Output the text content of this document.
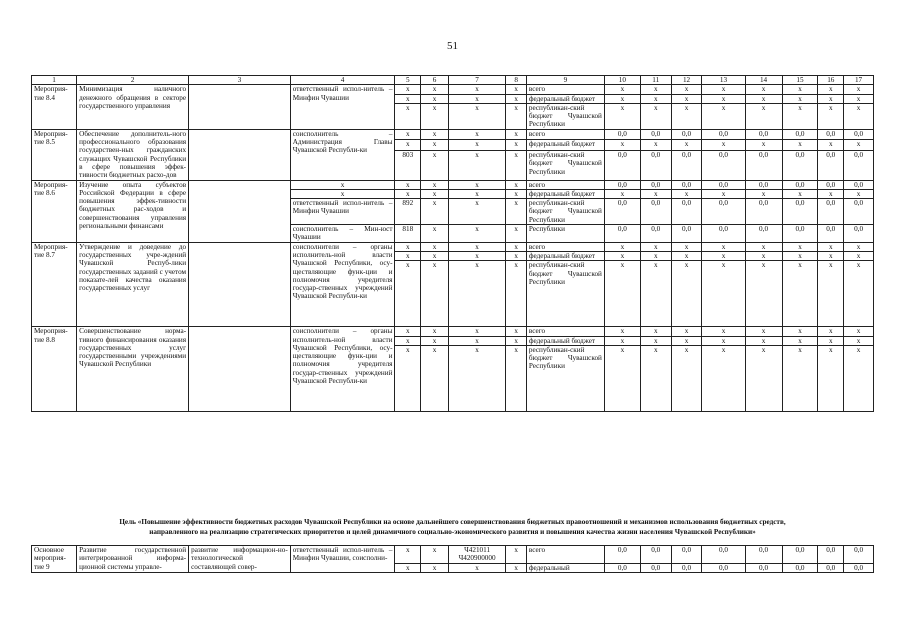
51
1	2	3	4	5	6	7	8	9	10	11	12	13	14	15	16	17
Мероприя-тие 8.4	Минимизация наличного денежного обращения в секторе государственного управления		ответственный испол-нитель – Минфин Чувашии	x	x	x	x	всего	x	x	x	x	x	x	x	x
				x	x	x	x	федеральный бюджет	x	x	x	x	x	x	x	x
				x	x	x	x	республикан-ский бюджет Чувашской Республики	x	x	x	x	x	x	x	x
Мероприя-тие 8.5	Обеспечение дополнитель-ного профессионального образования государствен-ных гражданских служащих Чувашской Республики в сфере повышения эффек-тивности бюджетных расхо-дов		соисполнитель – Администрация Главы Чувашской Республи-ки	x	x	x	x	всего	0,0	0,0	0,0	0,0	0,0	0,0	0,0	0,0
				x	x	x	x	федеральный бюджет	x	x	x	x	x	x	x	x
				803	x	x	x	республикан-ский бюджет Чувашской Республики	0,0	0,0	0,0	0,0	0,0	0,0	0,0	0,0
Мероприя-тие 8.6	Изучение опыта субъектов Российской Федерации в сфере повышения эффек-тивности бюджетных рас-ходов и совершенствования управления региональными финансами		x	x	x	x	x	всего	0,0	0,0	0,0	0,0	0,0	0,0	0,0	0,0
			x	x	x	x	x	федеральный бюджет	x	x	x	x	x	x	x	x
			ответственный испол-нитель – Минфин Чувашии	892	x	x	x	республикан-ский бюджет Чувашской Республики	0,0	0,0	0,0	0,0	0,0	0,0	0,0	0,0
			соисполнитель – Мин-юст Чувашии	818	x	x	x	Республики	0,0	0,0	0,0	0,0	0,0	0,0	0,0	0,0
Мероприя-тие 8.7	Утверждение и доведение до государственных учре-ждений Чувашской Респуб-лики государственных заданий с учетом показате-лей качества оказания государственных услуг		соисполнители – органы исполнитель-ной власти Чувашской Республики, осу-ществляющие функ-ции и полномочия учредителя государ-ственных учреждений Чувашской Республи-ки	x	x	x	x	всего	x	x	x	x	x	x	x	x
				x	x	x	x	федеральный бюджет	x	x	x	x	x	x	x	x
				x	x	x	x	республикан-ский бюджет Чувашской Республики	x	x	x	x	x	x	x	x
Мероприя-тие 8.8	Совершенствование норма-тивного финансирования оказания государственных услуг государственными учреждениями Чувашской Республики		соисполнители – органы исполнитель-ной власти Чувашской Республики, осу-ществляющие функ-ции и полномочия учредителя государ-ственных учреждений Чувашской Республи-ки	x	x	x	x	всего	x	x	x	x	x	x	x	x
				x	x	x	x	федеральный бюджет	x	x	x	x	x	x	x	x
				x	x	x	x	республикан-ский бюджет Чувашской Республики	x	x	x	x	x	x	x	x
Цель «Повышение эффективности бюджетных расходов Чувашской Республики на основе дальнейшего совершенствования бюджетных правоотношений и механизмов использования бюджетных средств,
направленного на реализацию стратегических приоритетов и целей динамичного социально-экономического развития и повышения качества жизни населения Чувашской Республики»
Основное мероприя-тие 9	Развитие государственной интегрированной информа-ционной системы управле-	развитие информацион-но-технологической составляющей совер-	ответственный испол-нитель – Минфин Чувашии, соисполни-	x	x	Ч421011 Ч420900000	x	всего	0,0	0,0	0,0	0,0	0,0	0,0	0,0	0,0
				x	x	x	x	федеральный	0,0	0,0	0,0	0,0	0,0	0,0	0,0	0,0
